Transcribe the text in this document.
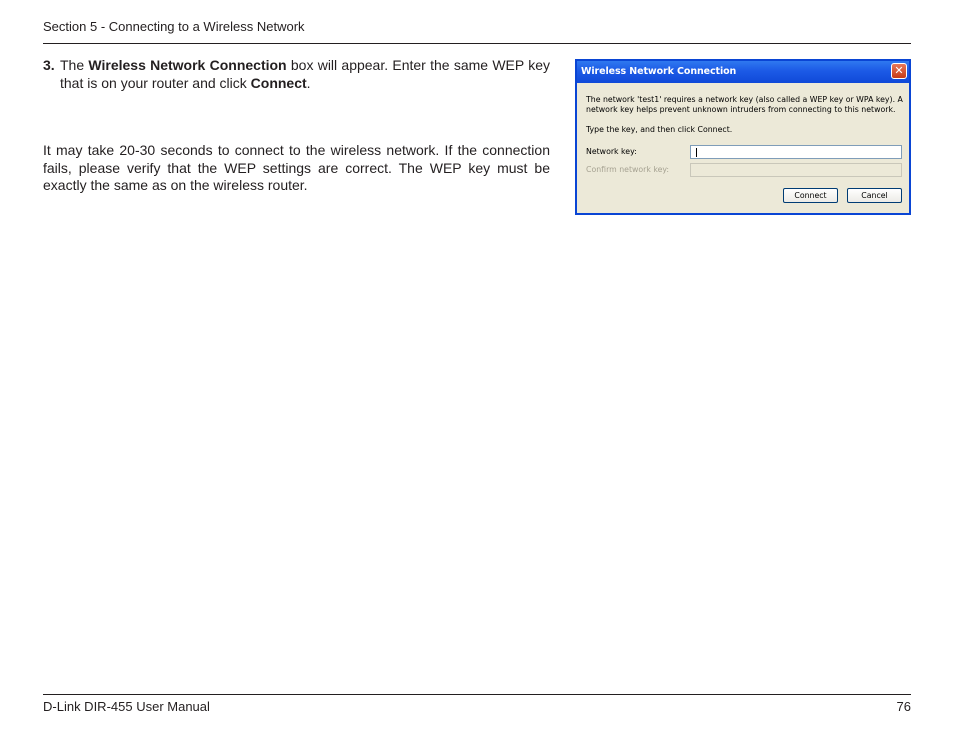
Section 5 - Connecting to a Wireless Network
3. The Wireless Network Connection box will appear. Enter the same WEP key that is on your router and click Connect.
It may take 20-30 seconds to connect to the wireless network. If the connection fails, please verify that the WEP settings are correct. The WEP key must be exactly the same as on the wireless router.
Wireless Network Connection	✕
The network 'test1' requires a network key (also called a WEP key or WPA key). A network key helps prevent unknown intruders from connecting to this network.
Type the key, and then click Connect.
Network key:
Confirm network key:
Connect	Cancel
D-Link DIR-455 User Manual	76
